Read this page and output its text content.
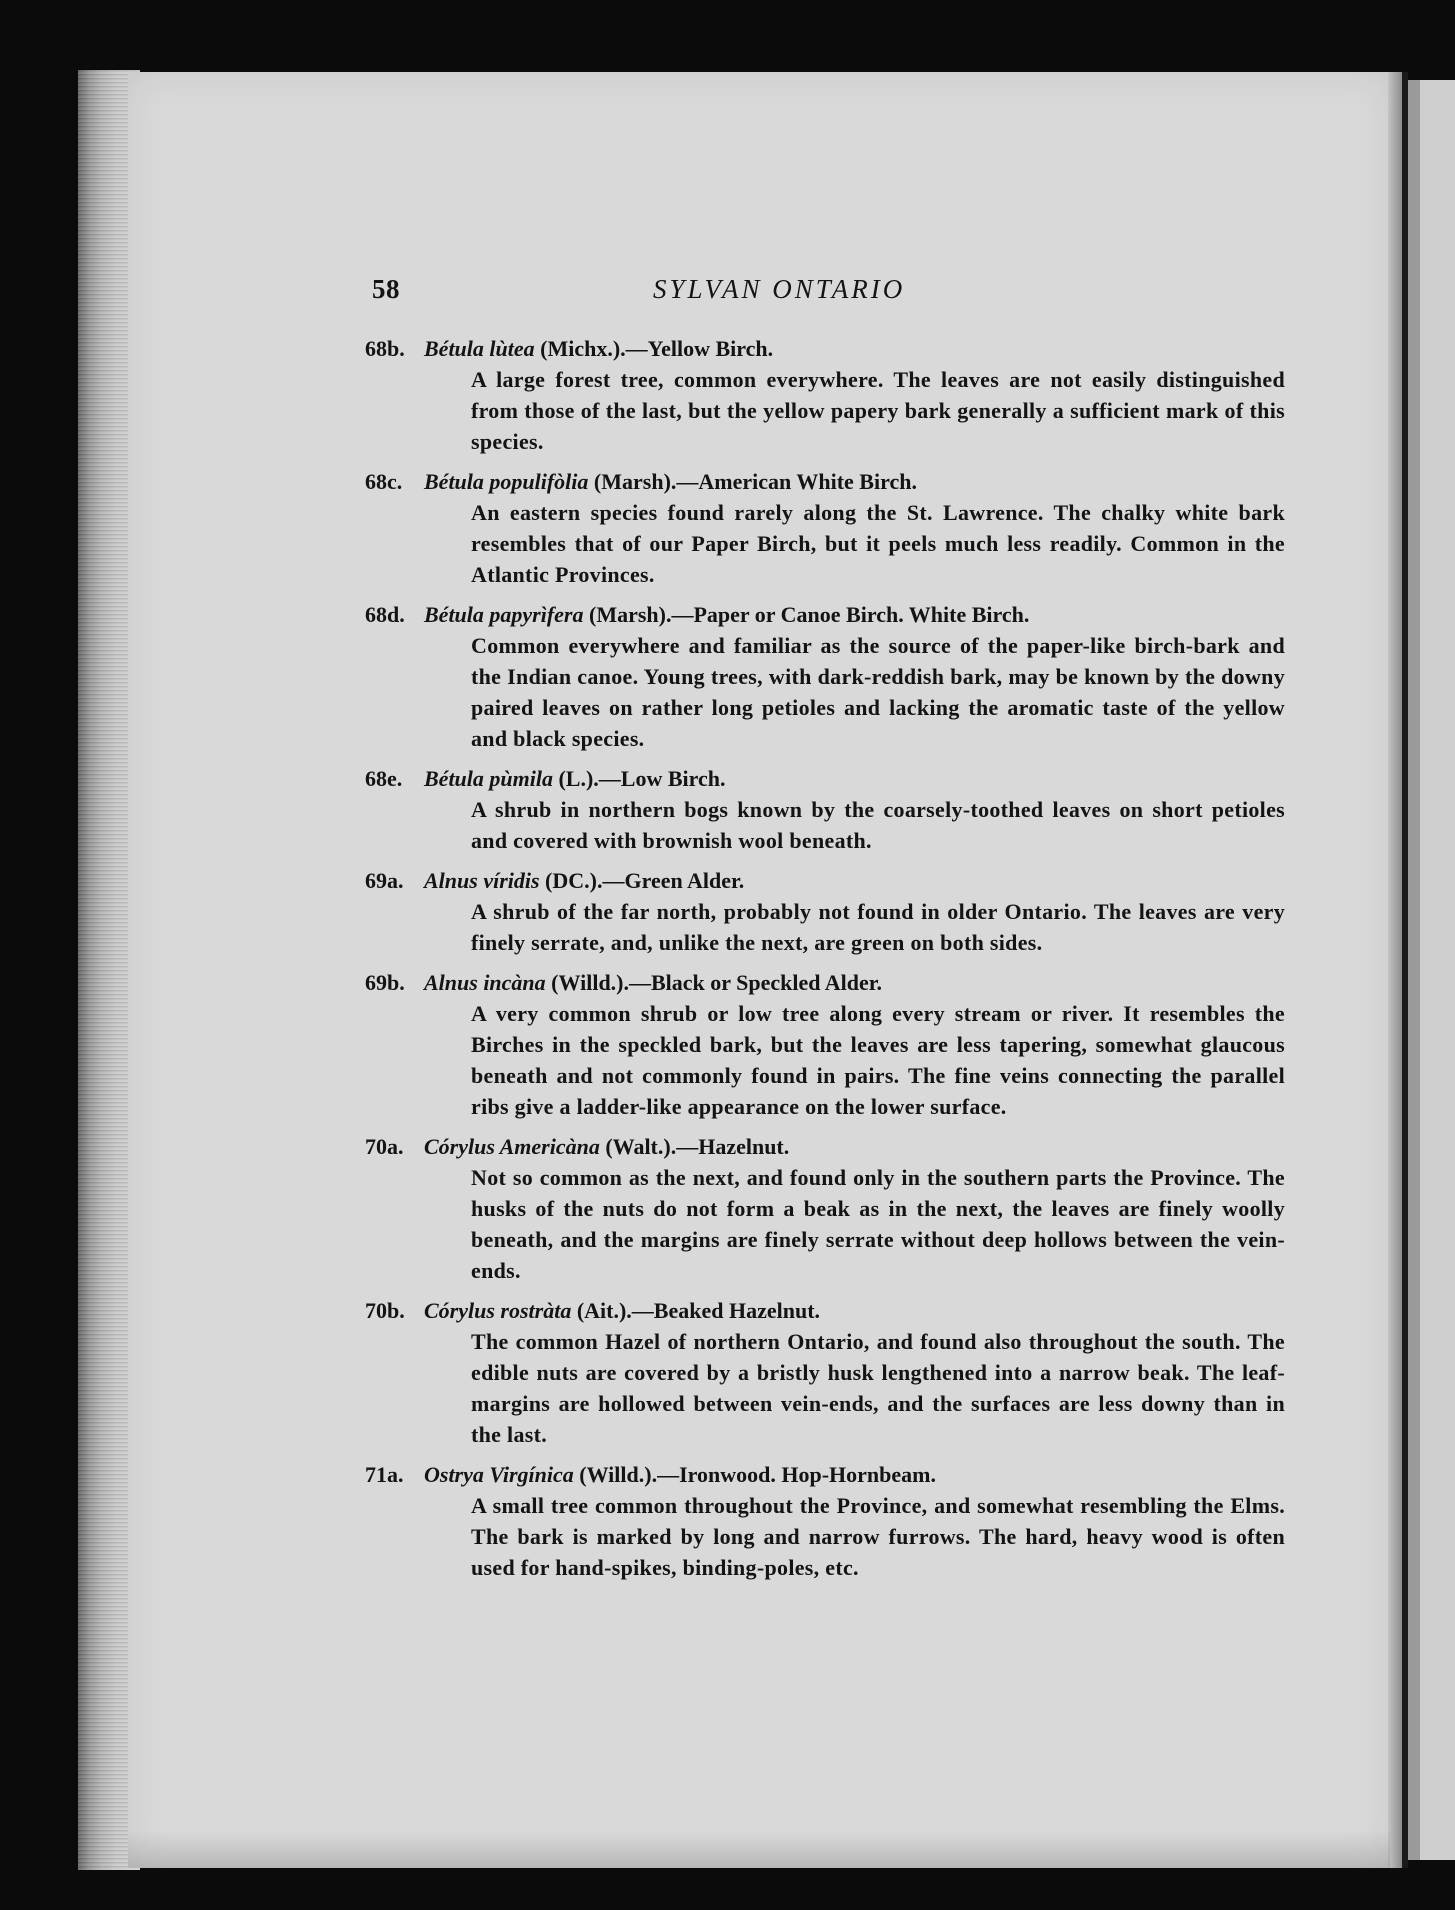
58	SYLVAN ONTARIO
68b. Bétula lùtea (Michx.).—Yellow Birch.
A large forest tree, common everywhere. The leaves are not easily distinguished from those of the last, but the yellow papery bark generally a sufficient mark of this species.
68c. Bétula populifòlia (Marsh).—American White Birch.
An eastern species found rarely along the St. Lawrence. The chalky white bark resembles that of our Paper Birch, but it peels much less readily. Common in the Atlantic Provinces.
68d. Bétula papyrìfera (Marsh).—Paper or Canoe Birch. White Birch.
Common everywhere and familiar as the source of the paper-like birch-bark and the Indian canoe. Young trees, with dark-reddish bark, may be known by the downy paired leaves on rather long petioles and lacking the aromatic taste of the yellow and black species.
68e. Bétula pùmila (L.).—Low Birch.
A shrub in northern bogs known by the coarsely-toothed leaves on short petioles and covered with brownish wool beneath.
69a. Alnus víridis (DC.).—Green Alder.
A shrub of the far north, probably not found in older Ontario. The leaves are very finely serrate, and, unlike the next, are green on both sides.
69b. Alnus incàna (Willd.).—Black or Speckled Alder.
A very common shrub or low tree along every stream or river. It resembles the Birches in the speckled bark, but the leaves are less tapering, somewhat glaucous beneath and not commonly found in pairs. The fine veins connecting the parallel ribs give a ladder-like appearance on the lower surface.
70a. Córylus Americàna (Walt.).—Hazelnut.
Not so common as the next, and found only in the southern parts the Province. The husks of the nuts do not form a beak as in the next, the leaves are finely woolly beneath, and the margins are finely serrate without deep hollows between the vein-ends.
70b. Córylus rostràta (Ait.).—Beaked Hazelnut.
The common Hazel of northern Ontario, and found also throughout the south. The edible nuts are covered by a bristly husk lengthened into a narrow beak. The leaf-margins are hollowed between vein-ends, and the surfaces are less downy than in the last.
71a. Ostrya Virgínica (Willd.).—Ironwood. Hop-Hornbeam.
A small tree common throughout the Province, and somewhat resembling the Elms. The bark is marked by long and narrow furrows. The hard, heavy wood is often used for hand-spikes, binding-poles, etc.
